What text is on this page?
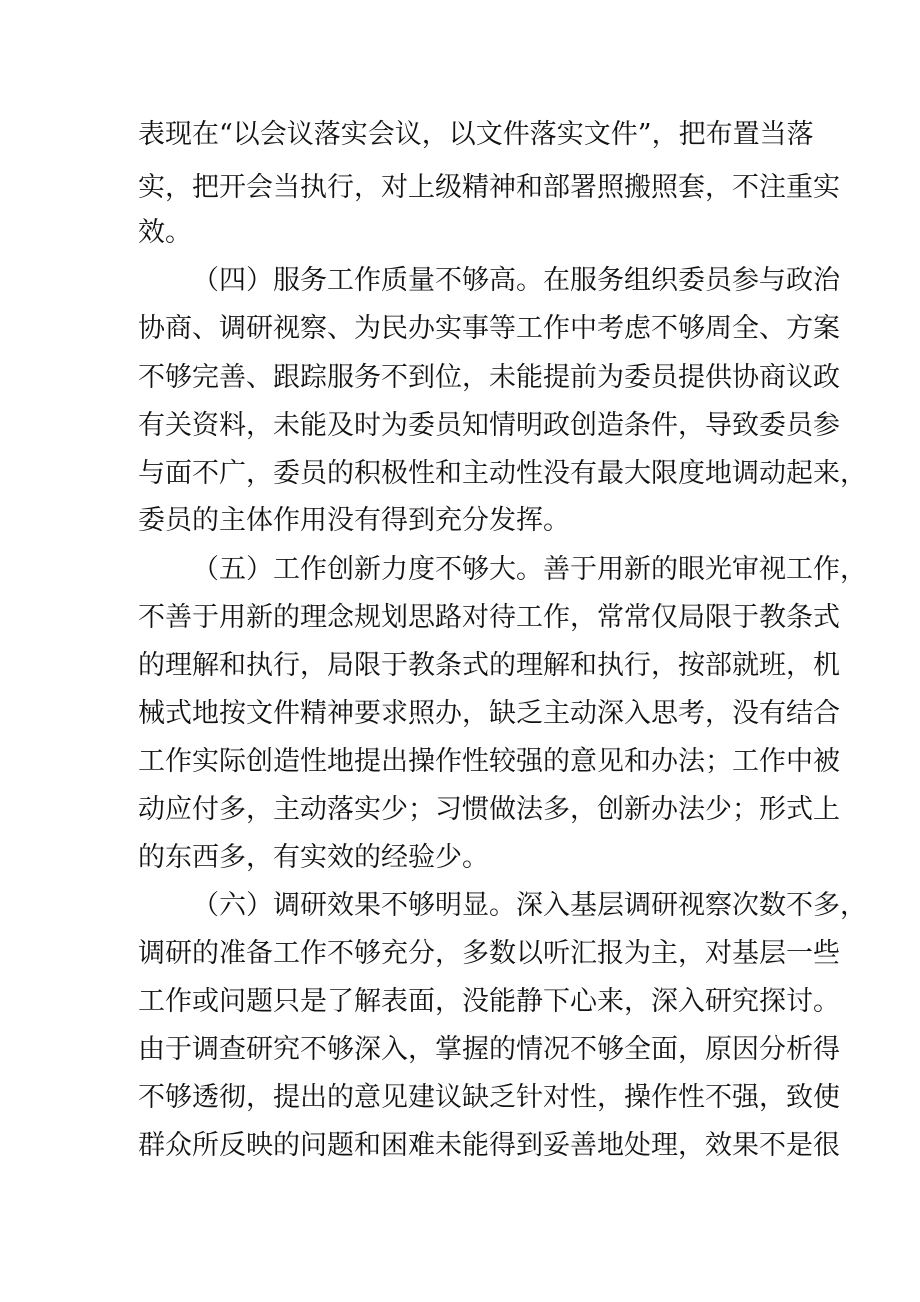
表现在“以会议落实会议，以文件落实文件”，把布置当落

实，把开会当执行，对上级精神和部署照搬照套，不注重实

效。

（四）服务工作质量不够高。在服务组织委员参与政治

协商、调研视察、为民办实事等工作中考虑不够周全、方案

不够完善、跟踪服务不到位，未能提前为委员提供协商议政

有关资料，未能及时为委员知情明政创造条件，导致委员参

与面不广，委员的积极性和主动性没有最大限度地调动起来，

委员的主体作用没有得到充分发挥。

（五）工作创新力度不够大。善于用新的眼光审视工作，

不善于用新的理念规划思路对待工作，常常仅局限于教条式

的理解和执行，局限于教条式的理解和执行，按部就班，机

械式地按文件精神要求照办，缺乏主动深入思考，没有结合

工作实际创造性地提出操作性较强的意见和办法；工作中被

动应付多，主动落实少；习惯做法多，创新办法少；形式上

的东西多，有实效的经验少。

（六）调研效果不够明显。深入基层调研视察次数不多，

调研的准备工作不够充分，多数以听汇报为主，对基层一些

工作或问题只是了解表面，没能静下心来，深入研究探讨。

由于调查研究不够深入，掌握的情况不够全面，原因分析得

不够透彻，提出的意见建议缺乏针对性，操作性不强，致使

群众所反映的问题和困难未能得到妥善地处理，效果不是很
